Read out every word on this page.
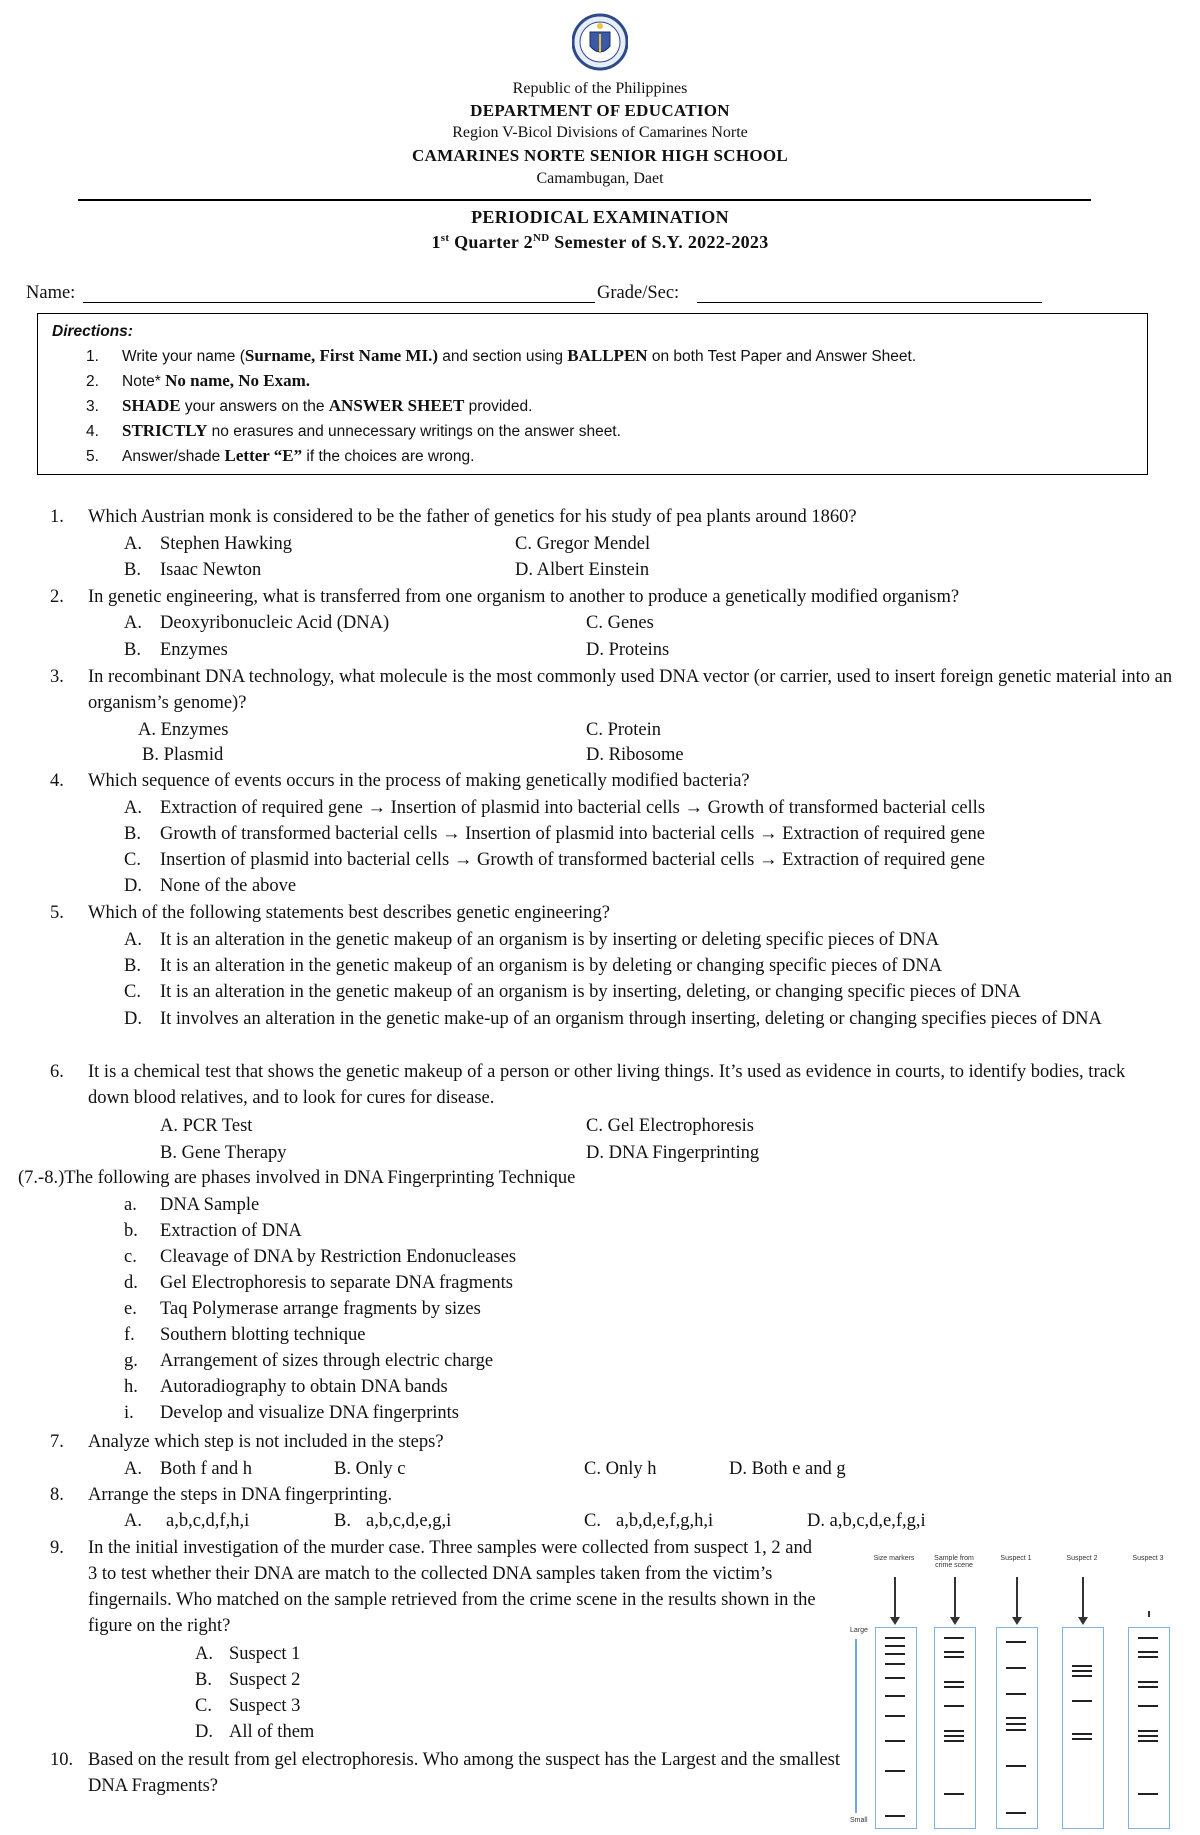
Republic of the Philippines
DEPARTMENT OF EDUCATION
Region V-Bicol Divisions of Camarines Norte
CAMARINES NORTE SENIOR HIGH SCHOOL
Camambugan, Daet
PERIODICAL EXAMINATION
1st Quarter 2ND Semester of S.Y. 2022-2023
Name:	Grade/Sec:
Directions:
1. Write your name (Surname, First Name MI.) and section using BALLPEN on both Test Paper and Answer Sheet.
2. Note* No name, No Exam.
3. SHADE your answers on the ANSWER SHEET provided.
4. STRICTLY no erasures and unnecessary writings on the answer sheet.
5. Answer/shade Letter “E” if the choices are wrong.
1. Which Austrian monk is considered to be the father of genetics for his study of pea plants around 1860?
A. Stephen Hawking
B. Isaac Newton
C. Gregor Mendel
D. Albert Einstein
2. In genetic engineering, what is transferred from one organism to another to produce a genetically modified organism?
A. Deoxyribonucleic Acid (DNA)
B. Enzymes
C. Genes
D. Proteins
3. In recombinant DNA technology, what molecule is the most commonly used DNA vector (or carrier, used to insert foreign genetic material into an organism’s genome)?
A. Enzymes
B. Plasmid
C. Protein
D. Ribosome
4. Which sequence of events occurs in the process of making genetically modified bacteria?
A. Extraction of required gene → Insertion of plasmid into bacterial cells → Growth of transformed bacterial cells
B. Growth of transformed bacterial cells → Insertion of plasmid into bacterial cells → Extraction of required gene
C. Insertion of plasmid into bacterial cells → Growth of transformed bacterial cells → Extraction of required gene
D. None of the above
5. Which of the following statements best describes genetic engineering?
A. It is an alteration in the genetic makeup of an organism is by inserting or deleting specific pieces of DNA
B. It is an alteration in the genetic makeup of an organism is by deleting or changing specific pieces of DNA
C. It is an alteration in the genetic makeup of an organism is by inserting, deleting, or changing specific pieces of DNA
D. It involves an alteration in the genetic make-up of an organism through inserting, deleting or changing specifies pieces of DNA
6. It is a chemical test that shows the genetic makeup of a person or other living things. It’s used as evidence in courts, to identify bodies, track down blood relatives, and to look for cures for disease.
A. PCR Test
B. Gene Therapy
C. Gel Electrophoresis
D. DNA Fingerprinting
(7.-8.)The following are phases involved in DNA Fingerprinting Technique
a. DNA Sample
b. Extraction of DNA
c. Cleavage of DNA by Restriction Endonucleases
d. Gel Electrophoresis to separate DNA fragments
e. Taq Polymerase arrange fragments by sizes
f. Southern blotting technique
g. Arrangement of sizes through electric charge
h. Autoradiography to obtain DNA bands
i. Develop and visualize DNA fingerprints
7. Analyze which step is not included in the steps?
A. Both f and h	B. Only c	C. Only h	D. Both e and g
8. Arrange the steps in DNA fingerprinting.
A. a,b,c,d,f,h,i	B. a,b,c,d,e,g,i	C. a,b,d,e,f,g,h,i	D. a,b,c,d,e,f,g,i
9. In the initial investigation of the murder case. Three samples were collected from suspect 1, 2 and 3 to test whether their DNA are match to the collected DNA samples taken from the victim’s fingernails. Who matched on the sample retrieved from the crime scene in the results shown in the figure on the right?
A. Suspect 1
B. Suspect 2
C. Suspect 3
D. All of them
10. Based on the result from gel electrophoresis. Who among the suspect has the Largest and the smallest DNA Fragments?
Size markers	Sample from crime scene
Suspect 1	Suspect 2	Suspect 3
Large
Small
